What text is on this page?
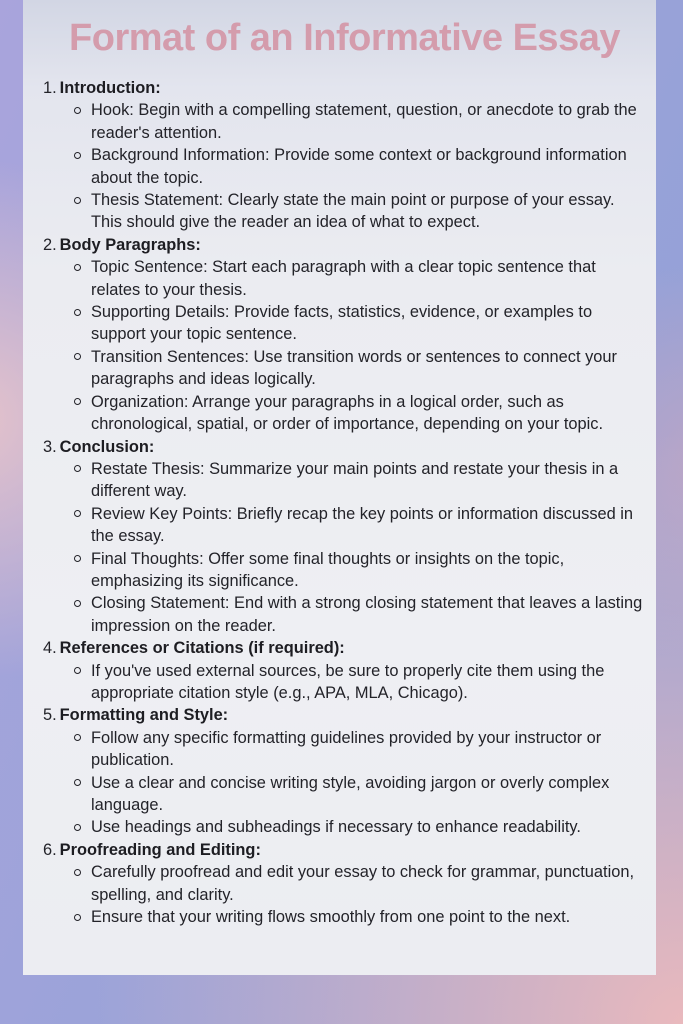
Format of an Informative Essay
1. Introduction:
Hook: Begin with a compelling statement, question, or anecdote to grab the reader's attention.
Background Information: Provide some context or background information about the topic.
Thesis Statement: Clearly state the main point or purpose of your essay. This should give the reader an idea of what to expect.
2. Body Paragraphs:
Topic Sentence: Start each paragraph with a clear topic sentence that relates to your thesis.
Supporting Details: Provide facts, statistics, evidence, or examples to support your topic sentence.
Transition Sentences: Use transition words or sentences to connect your paragraphs and ideas logically.
Organization: Arrange your paragraphs in a logical order, such as chronological, spatial, or order of importance, depending on your topic.
3. Conclusion:
Restate Thesis: Summarize your main points and restate your thesis in a different way.
Review Key Points: Briefly recap the key points or information discussed in the essay.
Final Thoughts: Offer some final thoughts or insights on the topic, emphasizing its significance.
Closing Statement: End with a strong closing statement that leaves a lasting impression on the reader.
4. References or Citations (if required):
If you've used external sources, be sure to properly cite them using the appropriate citation style (e.g., APA, MLA, Chicago).
5. Formatting and Style:
Follow any specific formatting guidelines provided by your instructor or publication.
Use a clear and concise writing style, avoiding jargon or overly complex language.
Use headings and subheadings if necessary to enhance readability.
6. Proofreading and Editing:
Carefully proofread and edit your essay to check for grammar, punctuation, spelling, and clarity.
Ensure that your writing flows smoothly from one point to the next.
